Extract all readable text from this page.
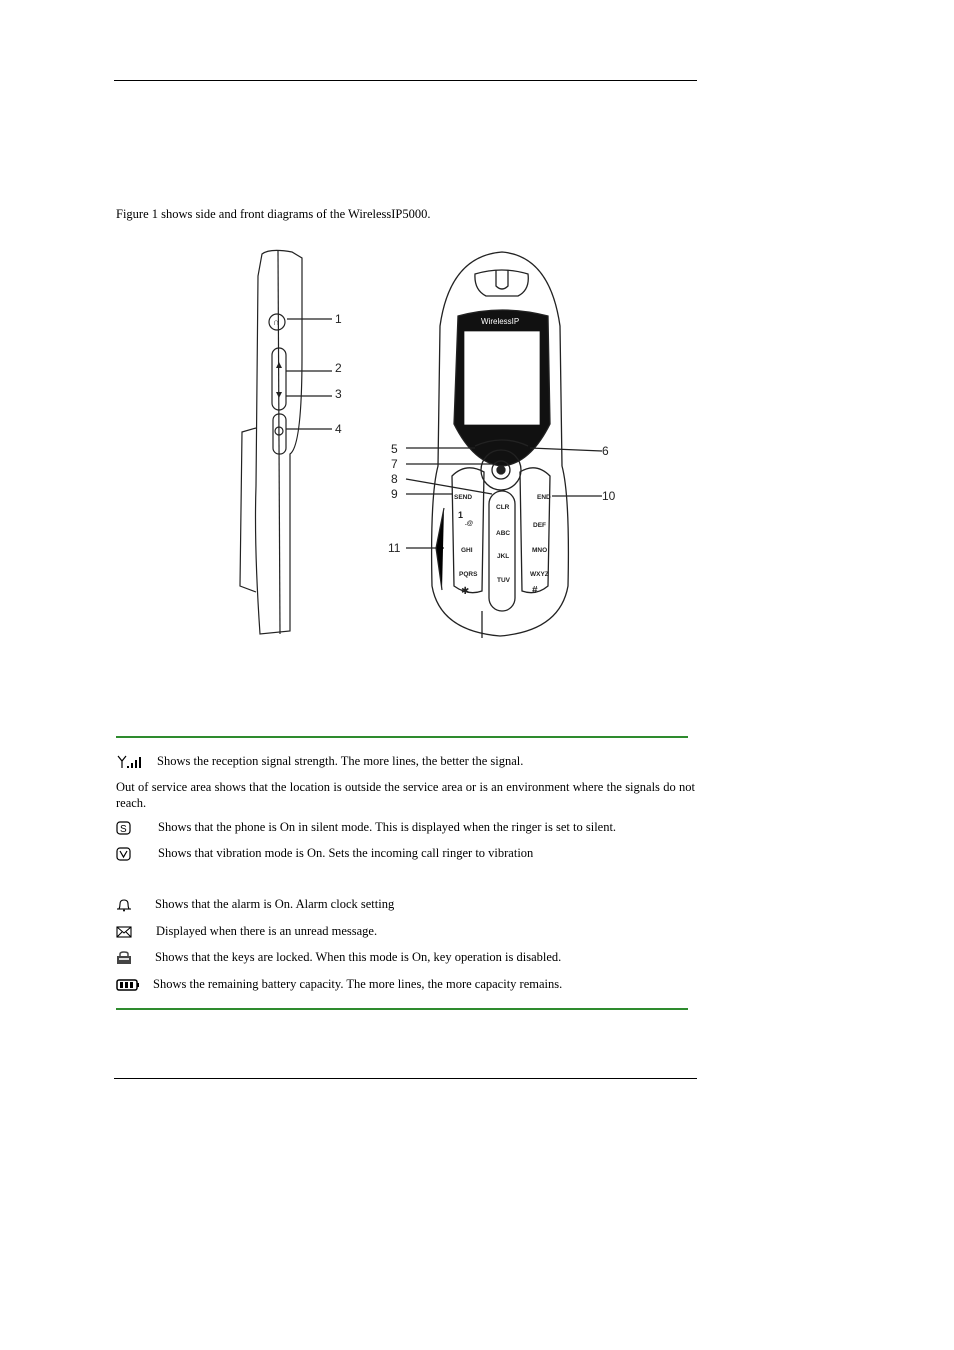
Figure 1 shows side and front diagrams of the WirelessIP5000.
∩	1
2
3
4
WirelessIP
SEND	END
CLR
1
.@
ABC
DEF
GHI
JKL
MNO
PQRS
TUV
WXYZ
✱	#
5	6
7
8
9	10
11
Shows the reception signal strength. The more lines, the better the signal.
Out of service area shows that the location is outside the service area or is an environment where the signals do not reach.
S	Shows that the phone is On in silent mode. This is displayed when the ringer is set to silent.
Shows that vibration mode is On. Sets the incoming call ringer to vibration
Shows that the alarm is On. Alarm clock setting
Displayed when there is an unread message.
Shows that the keys are locked. When this mode is On, key operation is disabled.
Shows the remaining battery capacity. The more lines, the more capacity remains.
